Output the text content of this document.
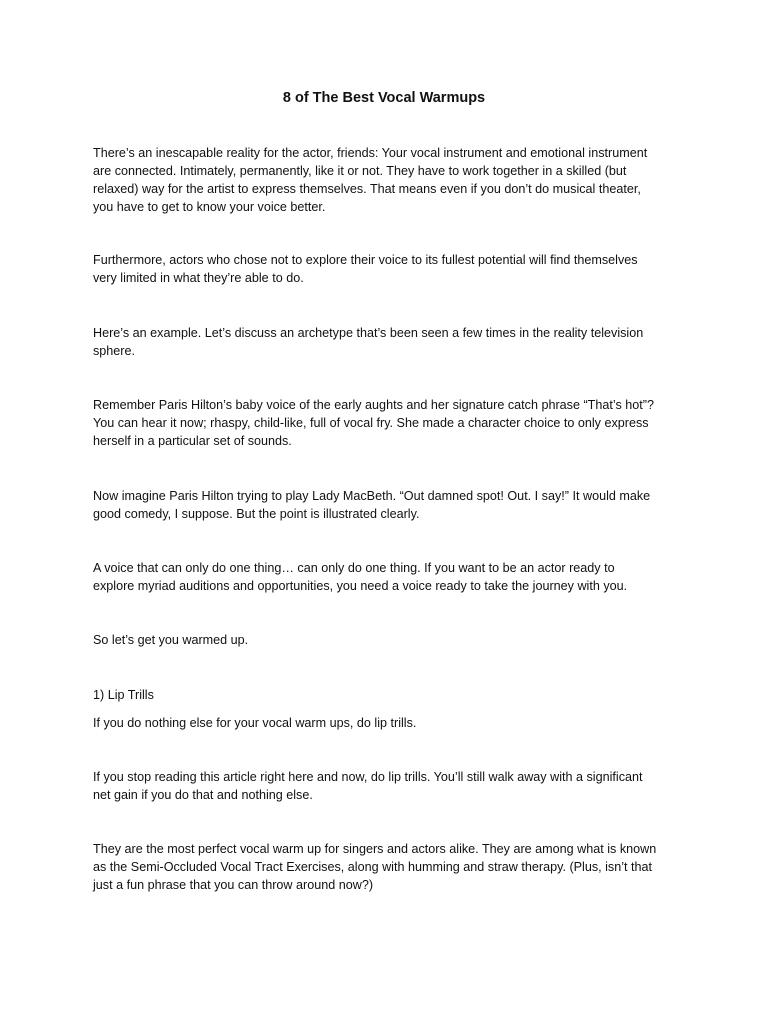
8 of The Best Vocal Warmups

There’s an inescapable reality for the actor, friends: Your vocal instrument and emotional instrument
are connected. Intimately, permanently, like it or not. They have to work together in a skilled (but
relaxed) way for the artist to express themselves. That means even if you don’t do musical theater,
you have to get to know your voice better.

Furthermore, actors who chose not to explore their voice to its fullest potential will find themselves
very limited in what they’re able to do.

Here’s an example. Let’s discuss an archetype that’s been seen a few times in the reality television
sphere.

Remember Paris Hilton’s baby voice of the early aughts and her signature catch phrase “That’s hot”?
You can hear it now; rhaspy, child-like, full of vocal fry. She made a character choice to only express
herself in a particular set of sounds.

Now imagine Paris Hilton trying to play Lady MacBeth. “Out damned spot! Out. I say!” It would make
good comedy, I suppose. But the point is illustrated clearly.

A voice that can only do one thing… can only do one thing. If you want to be an actor ready to
explore myriad auditions and opportunities, you need a voice ready to take the journey with you.

So let’s get you warmed up.

1) Lip Trills

If you do nothing else for your vocal warm ups, do lip trills.

If you stop reading this article right here and now, do lip trills. You’ll still walk away with a significant
net gain if you do that and nothing else.

They are the most perfect vocal warm up for singers and actors alike. They are among what is known
as the Semi-Occluded Vocal Tract Exercises, along with humming and straw therapy. (Plus, isn’t that
just a fun phrase that you can throw around now?)
